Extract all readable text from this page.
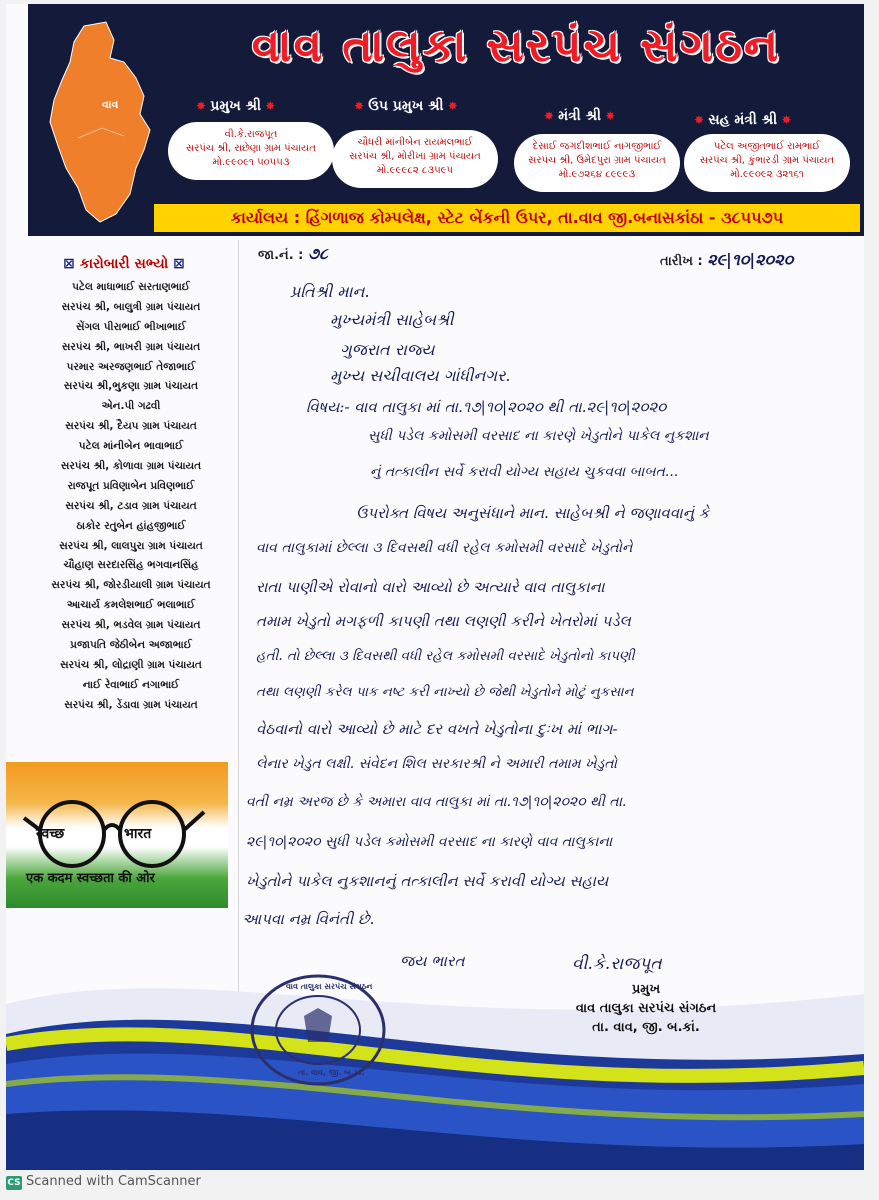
વાવ
વાવ તાલુકા સરપંચ સંગઠન
✸ પ્રમુખ શ્રી ✸	✸ ઉપ પ્રમુખ શ્રી ✸
✸ મંત્રી શ્રી ✸	✸ સહ મંત્રી શ્રી ✸
વી.કે.રાજપૂત
સરપંચ શ્રી, રાછેણા ગ્રામ પંચાયત
મો.૯૯૦૯૧ ૫૦૫૫૩
ચૌધરી માંનીબેન રાયમલભાઈ
સરપંચ શ્રી, મોરીખા ગ્રામ પંચાયત
મો.૯૯૯૮૨ ૮૩૫૯૫
દેસાઈ જગદીશભાઈ નાગજીભાઈ
સરપંચ શ્રી, ઉમેદપુરા ગ્રામ પંચાયત
મો.૯૭૨૬૪ ૮૯૯૯૩
પટેલ અજીતભાઈ રામભાઈ
સરપંચ શ્રી, કુંભારડી ગ્રામ પંચાયત
મો.૯૯૦૯૨ ૩૨૧૬૧
કાર્યાલય : હિંગળાજ કોમ્પલેક્ષ, સ્ટેટ બેંકની ઉપર, તા.વાવ જી.બનાસકાંઠા - ૩૮૫૫૭૫
⊠ કારોબારી સભ્યો ⊠
પટેલ માધાભાઈ સરતાણભાઈ
સરપંચ શ્રી, બાલુત્રી ગ્રામ પંચાયત
સેંગલ પીરાભાઈ ભીખાભાઈ
સરપંચ શ્રી, ભાખરી ગ્રામ પંચાયત
પરમાર અરજણભાઈ તેજાભાઈ
સરપંચ શ્રી,ભુકણા ગ્રામ પંચાયત
એન.પી ગઢવી
સરપંચ શ્રી, દૈયપ ગ્રામ પંચાયત
પટેલ માંનીબેન ભાવાભાઈ
સરપંચ શ્રી, કોળાવા ગ્રામ પંચાયત
રાજપૂત પ્રવિણાબેન પ્રવિણભાઈ
સરપંચ શ્રી, ટડાવ ગ્રામ પંચાયત
ઠાકોર રતુબેન હાંહજીભાઈ
સરપંચ શ્રી, લાલપુરા ગ્રામ પંચાયત
ચૌહાણ સરદારસિંહ ભગવાનસિંહ
સરપંચ શ્રી, જોરડીયાલી ગ્રામ પંચાયત
આચાર્ય કમલેશભાઈ ભલાભાઈ
સરપંચ શ્રી, ભડવેલ ગ્રામ પંચાયત
પ્રજાપતિ જેઠીબેન અજાભાઈ
સરપંચ શ્રી, લોદ્રાણી ગ્રામ પંચાયત
નાઈ રેવાભાઈ નગાભાઈ
સરપંચ શ્રી, ડેંડાવા ગ્રામ પંચાયત
स्वच्छ	भारत
एक कदम स्वच्छता की ओर
જા.નં. : ૭૮	તારીખ : ૨૯|૧૦|૨૦૨૦
પ્રતિશ્રી માન.
મુખ્યમંત્રી સાહેબશ્રી
ગુજરાત રાજ્ય
મુખ્ય સચીવાલય ગાંધીનગર.
વિષય:- વાવ તાલુકા માં તા.૧૭|૧૦|૨૦૨૦ થી તા.૨૯|૧૦|૨૦૨૦
સુધી પડેલ કમોસમી વરસાદ ના કારણે ખેડુતોને પાકેલ નુકશાન
નું તત્કાલીન સર્વે કરાવી યોગ્ય સહાય ચુકવવા બાબત...
ઉપરોક્ત વિષય અનુસંધાને માન. સાહેબશ્રી ને જણાવવાનું કે
વાવ તાલુકામાં છેલ્લા ૩ દિવસથી વધી રહેલ કમોસમી વરસાદે ખેડુતોને
રાતા પાણીએ રોવાનો વારો આવ્યો છે અત્યારે વાવ તાલુકાના
તમામ ખેડુતો મગફળી કાપણી તથા લણણી કરીને ખેતરોમાં પડેલ
હતી. તો છેલ્લા ૩ દિવસથી વધી રહેલ કમોસમી વરસાદે ખેડુતોનો કાપણી
તથા લણણી કરેલ પાક નષ્ટ કરી નાખ્યો છે જેથી ખેડુતોને મોટું નુકસાન
વેઠવાનો વારો આવ્યો છે માટે દર વખતે ખેડુતોના દુઃખ માં ભાગ-
લેનાર ખેડુત લક્ષી. સંવેદન શિલ સરકારશ્રી ને અમારી તમામ ખેડુતો
વતી નમ્ર અરજ છે કે અમારા વાવ તાલુકા માં તા.૧૭|૧૦|૨૦૨૦ થી તા.
૨૯|૧૦|૨૦૨૦ સુધી પડેલ કમોસમી વરસાદ ના કારણે વાવ તાલુકાના
ખેડુતોને પાકેલ નુકશાનનું તત્કાલીન સર્વે કરાવી યોગ્ય સહાય
આપવા નમ્ર વિનંતી છે.
જય ભારત	વી.કે.રાજપૂત
પ્રમુખ
વાવ તાલુકા સરપંચ સંગઠન
તા. વાવ, જી. બ.કાં.
વાવ તાલુકા સરપંચ સંગઠન
તા. વાવ, જી. બ.કાં.
CS Scanned with CamScanner
